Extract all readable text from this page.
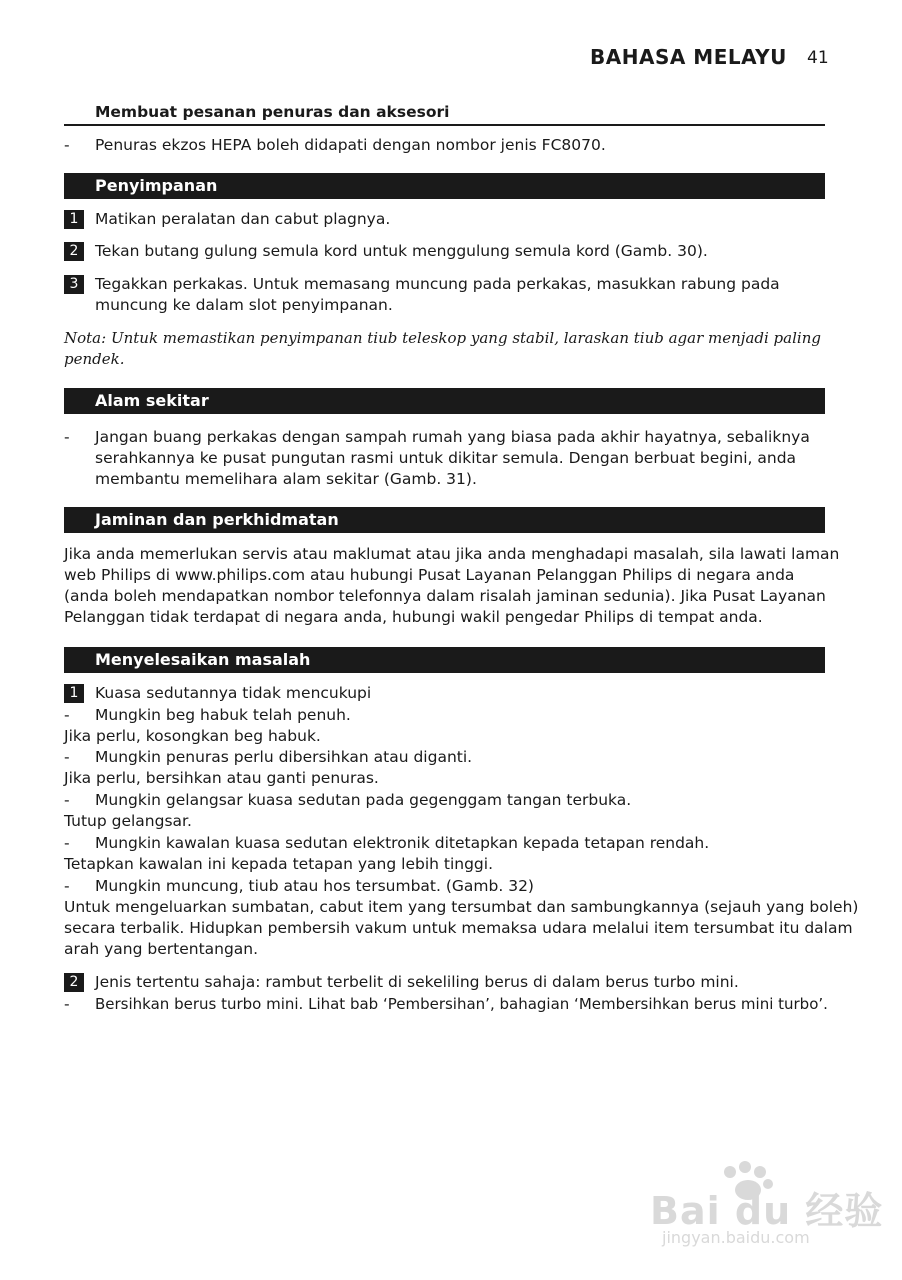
BAHASA MELAYU 41
Membuat pesanan penuras dan aksesori
-	Penuras ekzos HEPA boleh didapati dengan nombor jenis FC8070.
Penyimpanan
1	Matikan peralatan dan cabut plagnya.
2	Tekan butang gulung semula kord untuk menggulung semula kord (Gamb. 30).
3	Tegakkan perkakas. Untuk memasang muncung pada perkakas, masukkan rabung pada
muncung ke dalam slot penyimpanan.
Nota: Untuk memastikan penyimpanan tiub teleskop yang stabil, laraskan tiub agar menjadi paling
pendek.
Alam sekitar
-	Jangan buang perkakas dengan sampah rumah yang biasa pada akhir hayatnya, sebaliknya
serahkannya ke pusat pungutan rasmi untuk dikitar semula. Dengan berbuat begini, anda
membantu memelihara alam sekitar (Gamb. 31).
Jaminan dan perkhidmatan
Jika anda memerlukan servis atau maklumat atau jika anda menghadapi masalah, sila lawati laman
web Philips di www.philips.com atau hubungi Pusat Layanan Pelanggan Philips di negara anda
(anda boleh mendapatkan nombor telefonnya dalam risalah jaminan sedunia). Jika Pusat Layanan
Pelanggan tidak terdapat di negara anda, hubungi wakil pengedar Philips di tempat anda.
Menyelesaikan masalah
1	Kuasa sedutannya tidak mencukupi
-	Mungkin beg habuk telah penuh.
Jika perlu, kosongkan beg habuk.
-	Mungkin penuras perlu dibersihkan atau diganti.
Jika perlu, bersihkan atau ganti penuras.
-	Mungkin gelangsar kuasa sedutan pada gegenggam tangan terbuka.
Tutup gelangsar.
-	Mungkin kawalan kuasa sedutan elektronik ditetapkan kepada tetapan rendah.
Tetapkan kawalan ini kepada tetapan yang lebih tinggi.
-	Mungkin muncung, tiub atau hos tersumbat. (Gamb. 32)
Untuk mengeluarkan sumbatan, cabut item yang tersumbat dan sambungkannya (sejauh yang boleh)
secara terbalik. Hidupkan pembersih vakum untuk memaksa udara melalui item tersumbat itu dalam
arah yang bertentangan.
2	Jenis tertentu sahaja: rambut terbelit di sekeliling berus di dalam berus turbo mini.
-	Bersihkan berus turbo mini. Lihat bab ‘Pembersihan’, bahagian ‘Membersihkan berus mini turbo’.
Bai du 经验
jingyan.baidu.com
